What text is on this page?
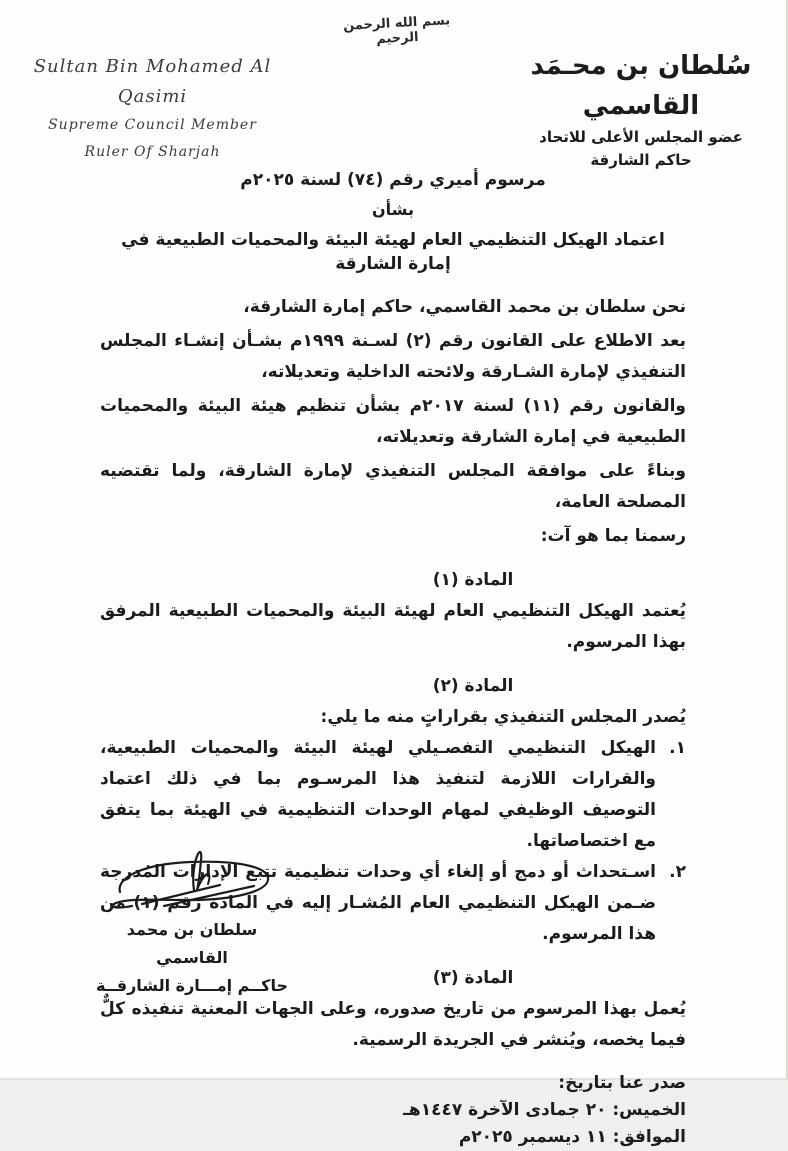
بسم الله الرحمن الرحيم
Sultan Bin Mohamed Al Qasimi
Supreme Council Member
Ruler Of Sharjah
سُلطان بن محـمَد القاسمي
عضو المجلس الأعلى للاتحاد
حاكم الشارقة
مرسوم أميري رقم (٧٤) لسنة ٢٠٢٥م
بشأن
اعتماد الهيكل التنظيمي العام لهيئة البيئة والمحميات الطبيعية في إمارة الشارقة

نحن سلطان بن محمد القاسمي، حاكم إمارة الشارقة،

بعد الاطلاع على القانون رقم (٢) لسـنة ١٩٩٩م بشـأن إنشـاء المجلس التنفيذي لإمارة الشـارقة ولائحته الداخلية وتعديلاته،

والقانون رقم (١١) لسنة ٢٠١٧م بشأن تنظيم هيئة البيئة والمحميات الطبيعية في إمارة الشارقة وتعديلاته،

وبناءً على موافقة المجلس التنفيذي لإمارة الشارقة، ولما تقتضيه المصلحة العامة،

رسمنا بما هو آت:
المادة (١)

يُعتمد الهيكل التنظيمي العام لهيئة البيئة والمحميات الطبيعية المرفق بهذا المرسوم.

المادة (٢)

يُصدر المجلس التنفيذي بقراراتٍ منه ما يلي:

١.
الهيكل التنظيمي التفصـيلي لهيئة البيئة والمحميات الطبيعية، والقرارات اللازمة لتنفيذ هذا المرسـوم بما في ذلك اعتماد التوصيف الوظيفي لمهام الوحدات التنظيمية في الهيئة بما يتفق مع اختصاصاتها.
٢.
اسـتحداث أو دمج أو إلغاء أي وحدات تنظيمية تتبع الإدارات المُدرجة ضـمن الهيكل التنظيمي العام المُشـار إليه في المادة رقم (١) من هذا المرسوم.
المادة (٣)

يُعمل بهذا المرسوم من تاريخ صدوره، وعلى الجهات المعنية تنفيذه كلٌّ فيما يخصه، ويُنشر في الجريدة الرسمية.

صدر عنا بتاريخ:
الخميس: ٢٠ جمادى الآخرة ١٤٤٧هـ
الموافق: ١١ ديسمبر ٢٠٢٥م
سلطان بن محمد القاسمي
حاكــم إمـــارة الشارقــة
